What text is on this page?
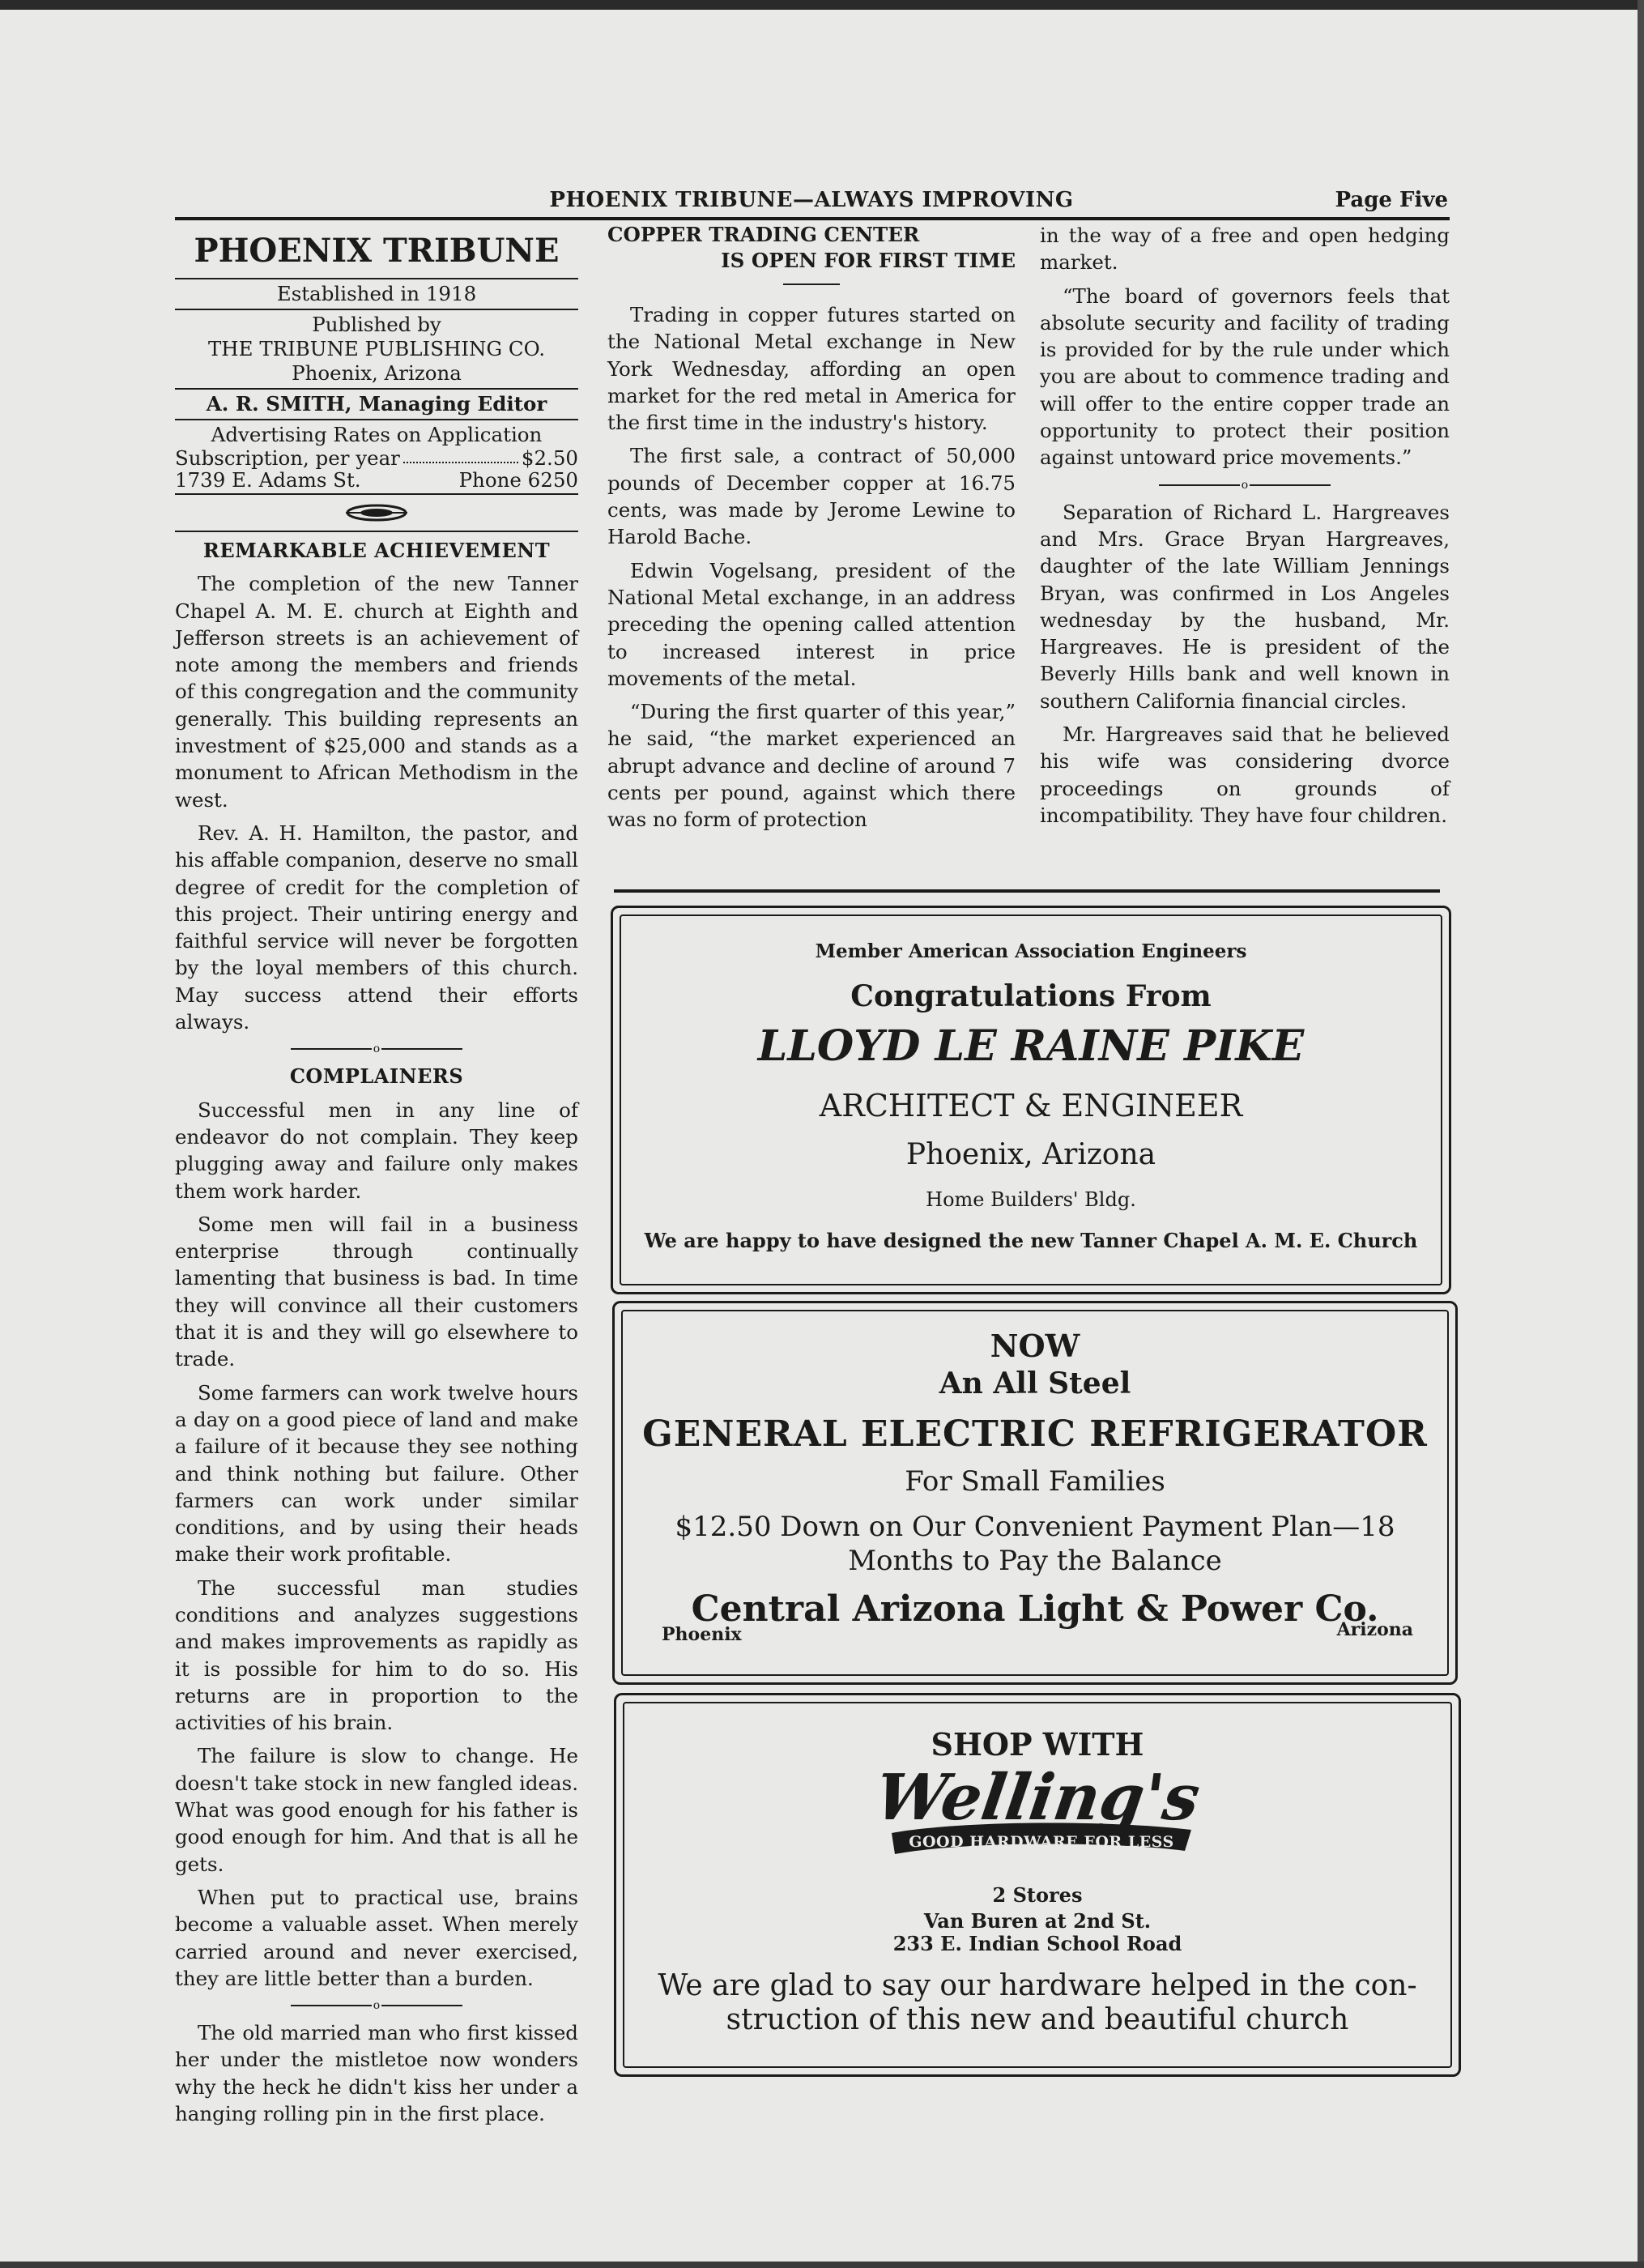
PHOENIX TRIBUNE—ALWAYS IMPROVING	Page Five
PHOENIX TRIBUNE
Established in 1918
Published by
THE TRIBUNE PUBLISHING CO.
Phoenix, Arizona
A. R. SMITH, Managing Editor
Advertising Rates on Application
Subscription, per year	$2.50
1739 E. Adams St.	Phone 6250
REMARKABLE ACHIEVEMENT

The completion of the new Tanner Chapel A. M. E. church at Eighth and Jefferson streets is an achievement of note among the members and friends of this congregation and the community generally. This building represents an investment of $25,000 and stands as a monument to African Methodism in the west.

Rev. A. H. Hamilton, the pastor, and his affable companion, deserve no small degree of credit for the completion of this project. Their untiring energy and faithful service will never be forgotten by the loyal members of this church. May success attend their efforts always.

o
COMPLAINERS

Successful men in any line of endeavor do not complain. They keep plugging away and failure only makes them work harder.

Some men will fail in a business enterprise through continually lamenting that business is bad. In time they will convince all their customers that it is and they will go elsewhere to trade.

Some farmers can work twelve hours a day on a good piece of land and make a failure of it because they see nothing and think nothing but failure. Other farmers can work under similar conditions, and by using their heads make their work profitable.

The successful man studies conditions and analyzes suggestions and makes improvements as rapidly as it is possible for him to do so. His returns are in proportion to the activities of his brain.

The failure is slow to change. He doesn't take stock in new fangled ideas. What was good enough for his father is good enough for him. And that is all he gets.

When put to practical use, brains become a valuable asset. When merely carried around and never exercised, they are little better than a burden.

o

The old married man who first kissed her under the mistletoe now wonders why the heck he didn't kiss her under a hanging rolling pin in the first place.

COPPER TRADING CENTER
IS OPEN FOR FIRST TIME

Trading in copper futures started on the National Metal exchange in New York Wednesday, affording an open market for the red metal in America for the first time in the industry's history.

The first sale, a contract of 50,000 pounds of December copper at 16.75 cents, was made by Jerome Lewine to Harold Bache.

Edwin Vogelsang, president of the National Metal exchange, in an address preceding the opening called attention to increased interest in price movements of the metal.

“During the first quarter of this year,” he said, “the market experienced an abrupt advance and decline of around 7 cents per pound, against which there was no form of protection

in the way of a free and open hedging market.

“The board of governors feels that absolute security and facility of trading is provided for by the rule under which you are about to commence trading and will offer to the entire copper trade an opportunity to protect their position against untoward price movements.”

o

Separation of Richard L. Hargreaves and Mrs. Grace Bryan Hargreaves, daughter of the late William Jennings Bryan, was confirmed in Los Angeles wednesday by the husband, Mr. Hargreaves. He is president of the Beverly Hills bank and well known in southern California financial circles.

Mr. Hargreaves said that he believed his wife was considering dvorce proceedings on grounds of incompatibility. They have four children.

Member American Association Engineers
Congratulations From
LLOYD LE RAINE PIKE
ARCHITECT & ENGINEER
Phoenix, Arizona
Home Builders' Bldg.
We are happy to have designed the new Tanner Chapel A. M. E. Church
NOW
An All Steel
GENERAL ELECTRIC REFRIGERATOR
For Small Families
$12.50 Down on Our Convenient Payment Plan—18
Months to Pay the Balance
Central Arizona Light & Power Co.
Phoenix	Arizona
SHOP WITH
Welling's
GOOD HARDWARE FOR LESS
2 Stores
Van Buren at 2nd St.
233 E. Indian School Road
We are glad to say our hardware helped in the con-
struction of this new and beautiful church
